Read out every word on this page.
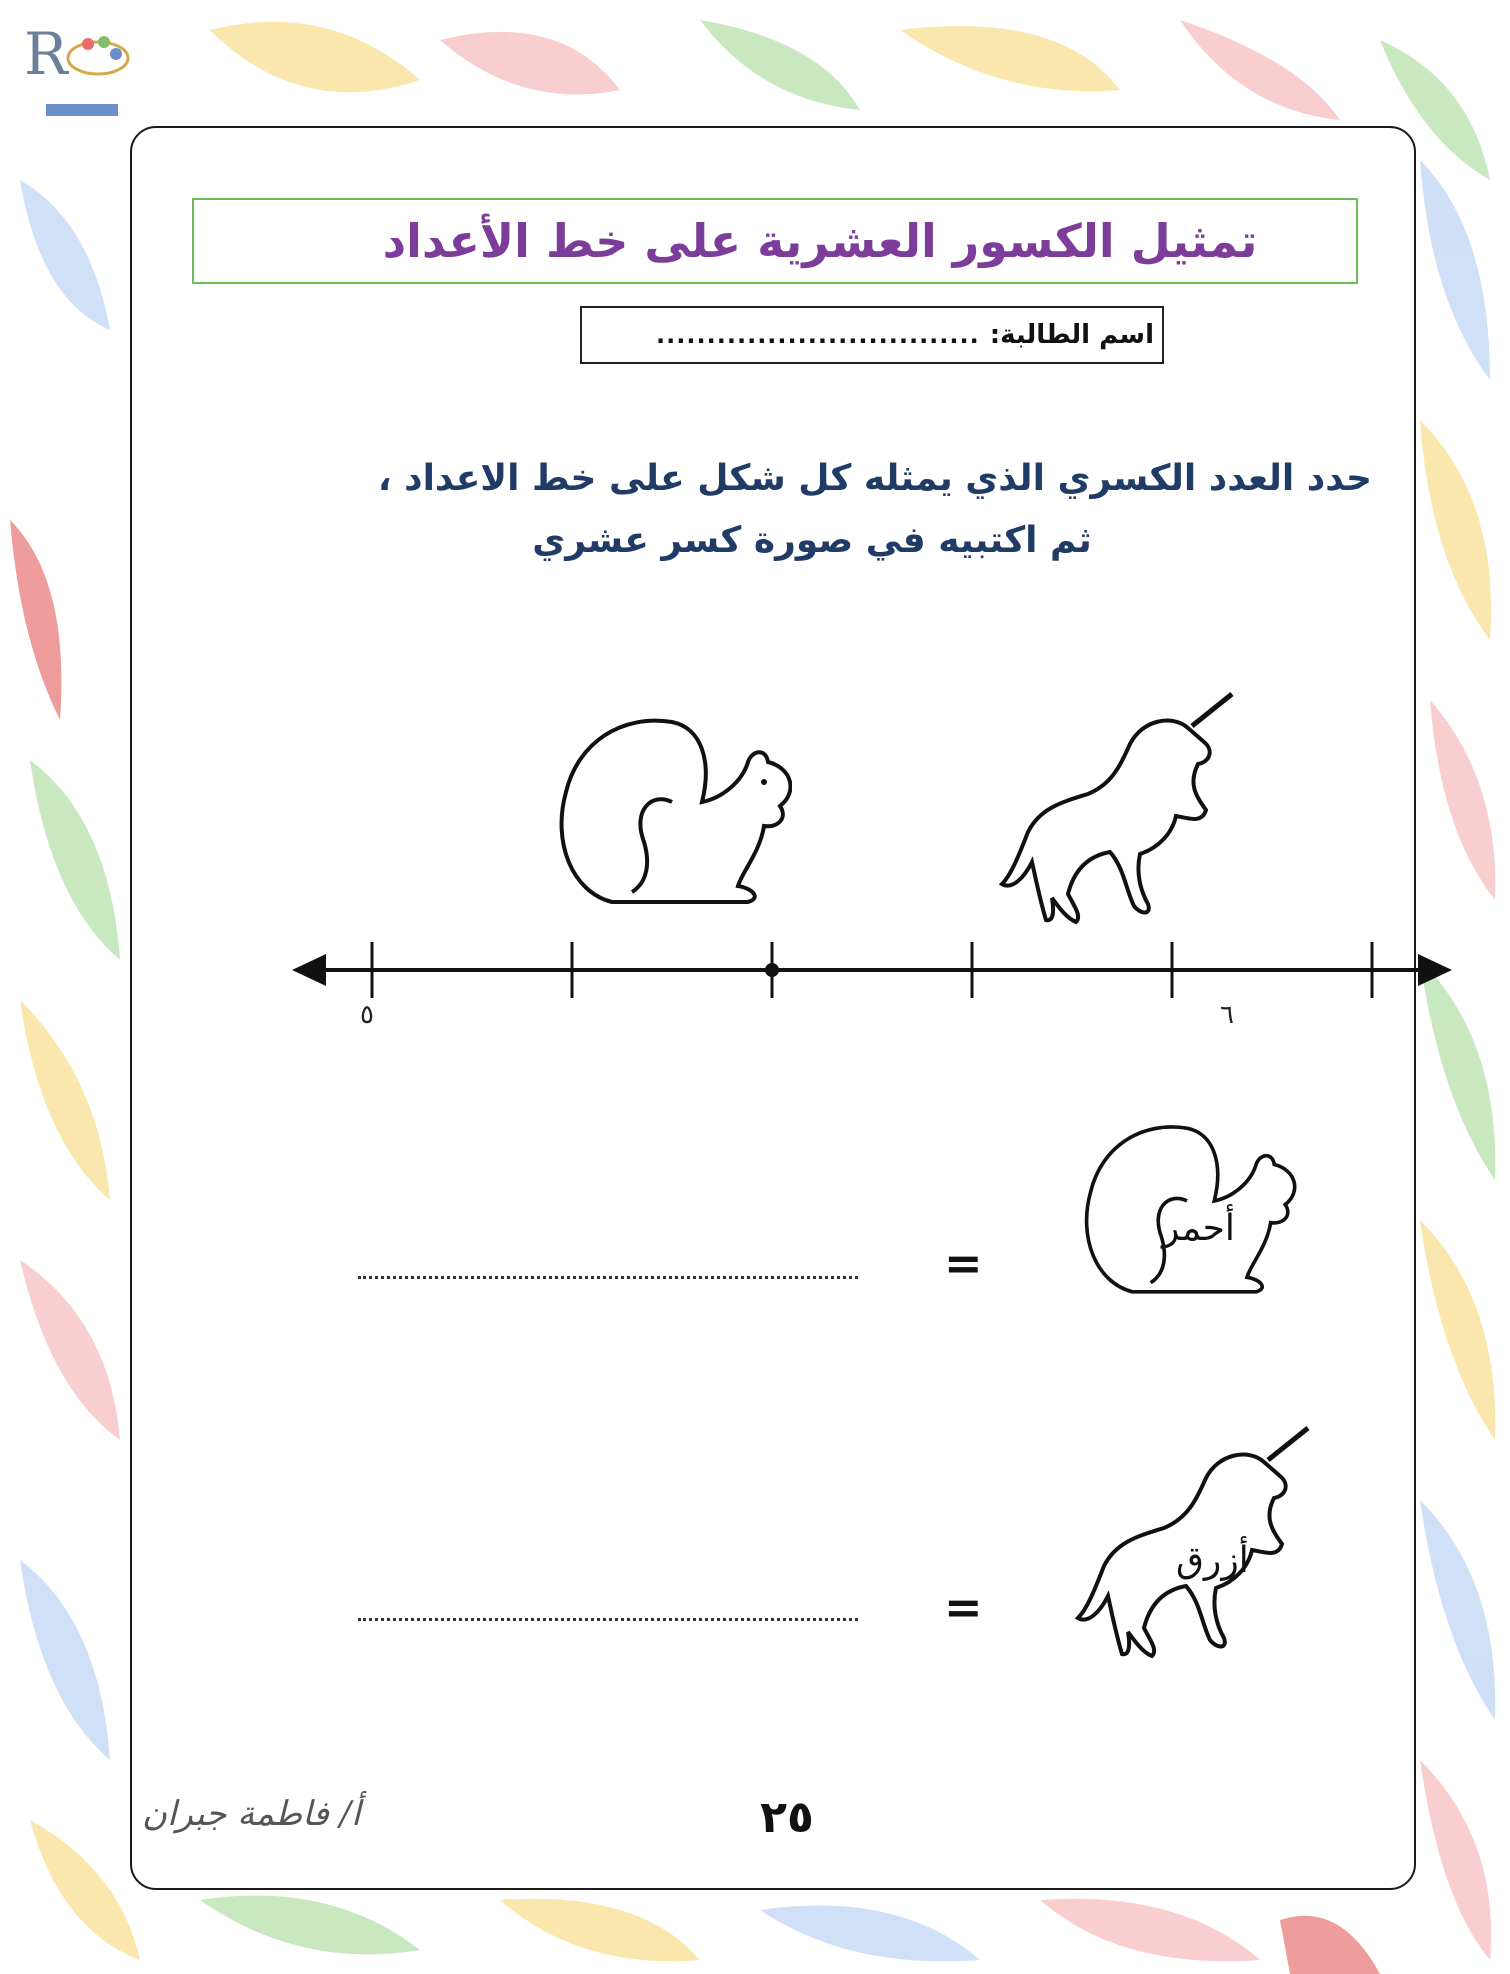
R
تمثيل الكسور العشرية على خط الأعداد
اسم الطالبة:
................................
حدد العدد الكسري الذي يمثله كل شكل على خط الاعداد ،
ثم اكتبيه في صورة كسر عشري
٥	٦
أحمر
=
أزرق
=
٢٥
أ/ فاطمة جبران
